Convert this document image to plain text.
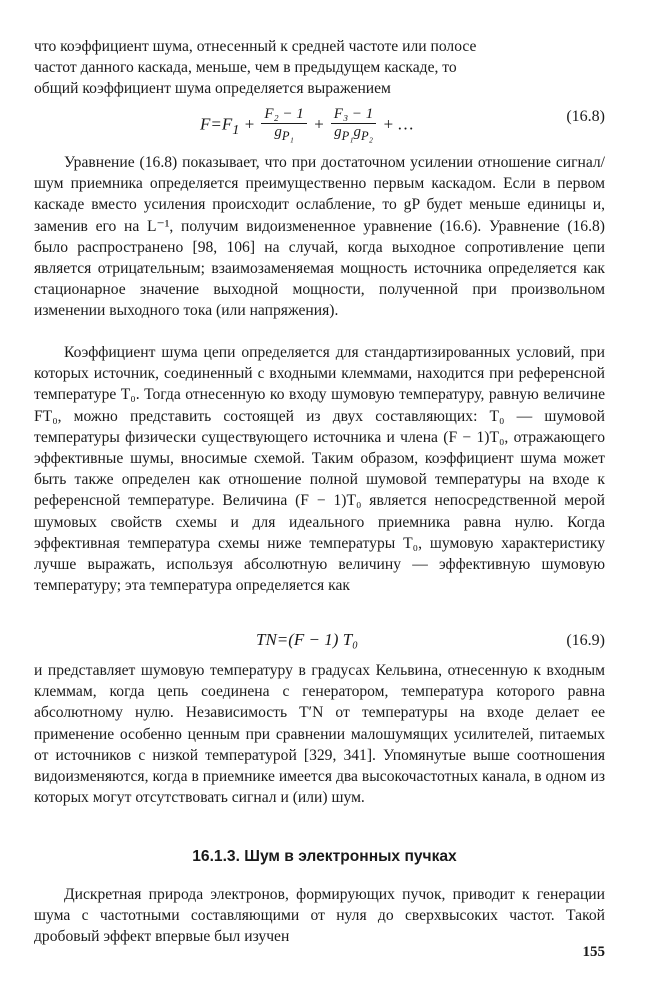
что коэффициент шума, отнесенный к средней частоте или полосе

частот данного каскада, меньше, чем в предыдущем каскаде, то

общий коэффициент шума определяется выражением

$F=F_1 + \frac{\text{F₂ − 1}}{g_{P_1}} + \frac{\text{F₃ − 1}}{g_{P_1}g_{P_2}}$ + …	(16.8)

Уравнение (16.8) показывает, что при достаточном усилении отношение сигнал/шум приемника определяется преимущественно первым каскадом. Если в первом каскаде вместо усиления происходит ослабление, то gP будет меньше единицы и, заменив его на L⁻¹, получим видоизмененное уравнение (16.6). Уравнение (16.8) было распространено [98, 106] на случай, когда выходное сопротивление цепи является отрицательным; взаимозаменяемая мощность источника определяется как стационарное значение выходной мощности, полученной при произвольном изменении выходного тока (или напряжения).

Коэффициент шума цепи определяется для стандартизированных условий, при которых источник, соединенный с входными клеммами, находится при референсной температуре T₀. Тогда отнесенную ко входу шумовую температуру, равную величине FT₀, можно представить состоящей из двух составляющих: T₀ — шумовой температуры физически существующего источника и члена (F − 1)T₀, отражающего эффективные шумы, вносимые схемой. Таким образом, коэффициент шума может быть также определен как отношение полной шумовой температуры на входе к референсной температуре. Величина (F − 1)T₀ является непосредственной мерой шумовых свойств схемы и для идеального приемника равна нулю. Когда эффективная температура схемы ниже температуры T₀, шумовую характеристику лучше выражать, используя абсолютную величину — эффективную шумовую температуру; эта температура определяется как

TN=(F − 1) T₀	(16.9)

и представляет шумовую температуру в градусах Кельвина, отнесенную к входным клеммам, когда цепь соединена с генератором, температура которого равна абсолютному нулю. Независимость T′N от температуры на входе делает ее применение особенно ценным при сравнении малошумящих усилителей, питаемых от источников с низкой температурой [329, 341]. Упомянутые выше соотношения видоизменяются, когда в приемнике имеется два высокочастотных канала, в одном из которых могут отсутствовать сигнал и (или) шум.

16.1.3. Шум в электронных пучках

Дискретная природа электронов, формирующих пучок, приводит к генерации шума с частотными составляющими от нуля до сверхвысоких частот. Такой дробовый эффект впервые был изучен

155
